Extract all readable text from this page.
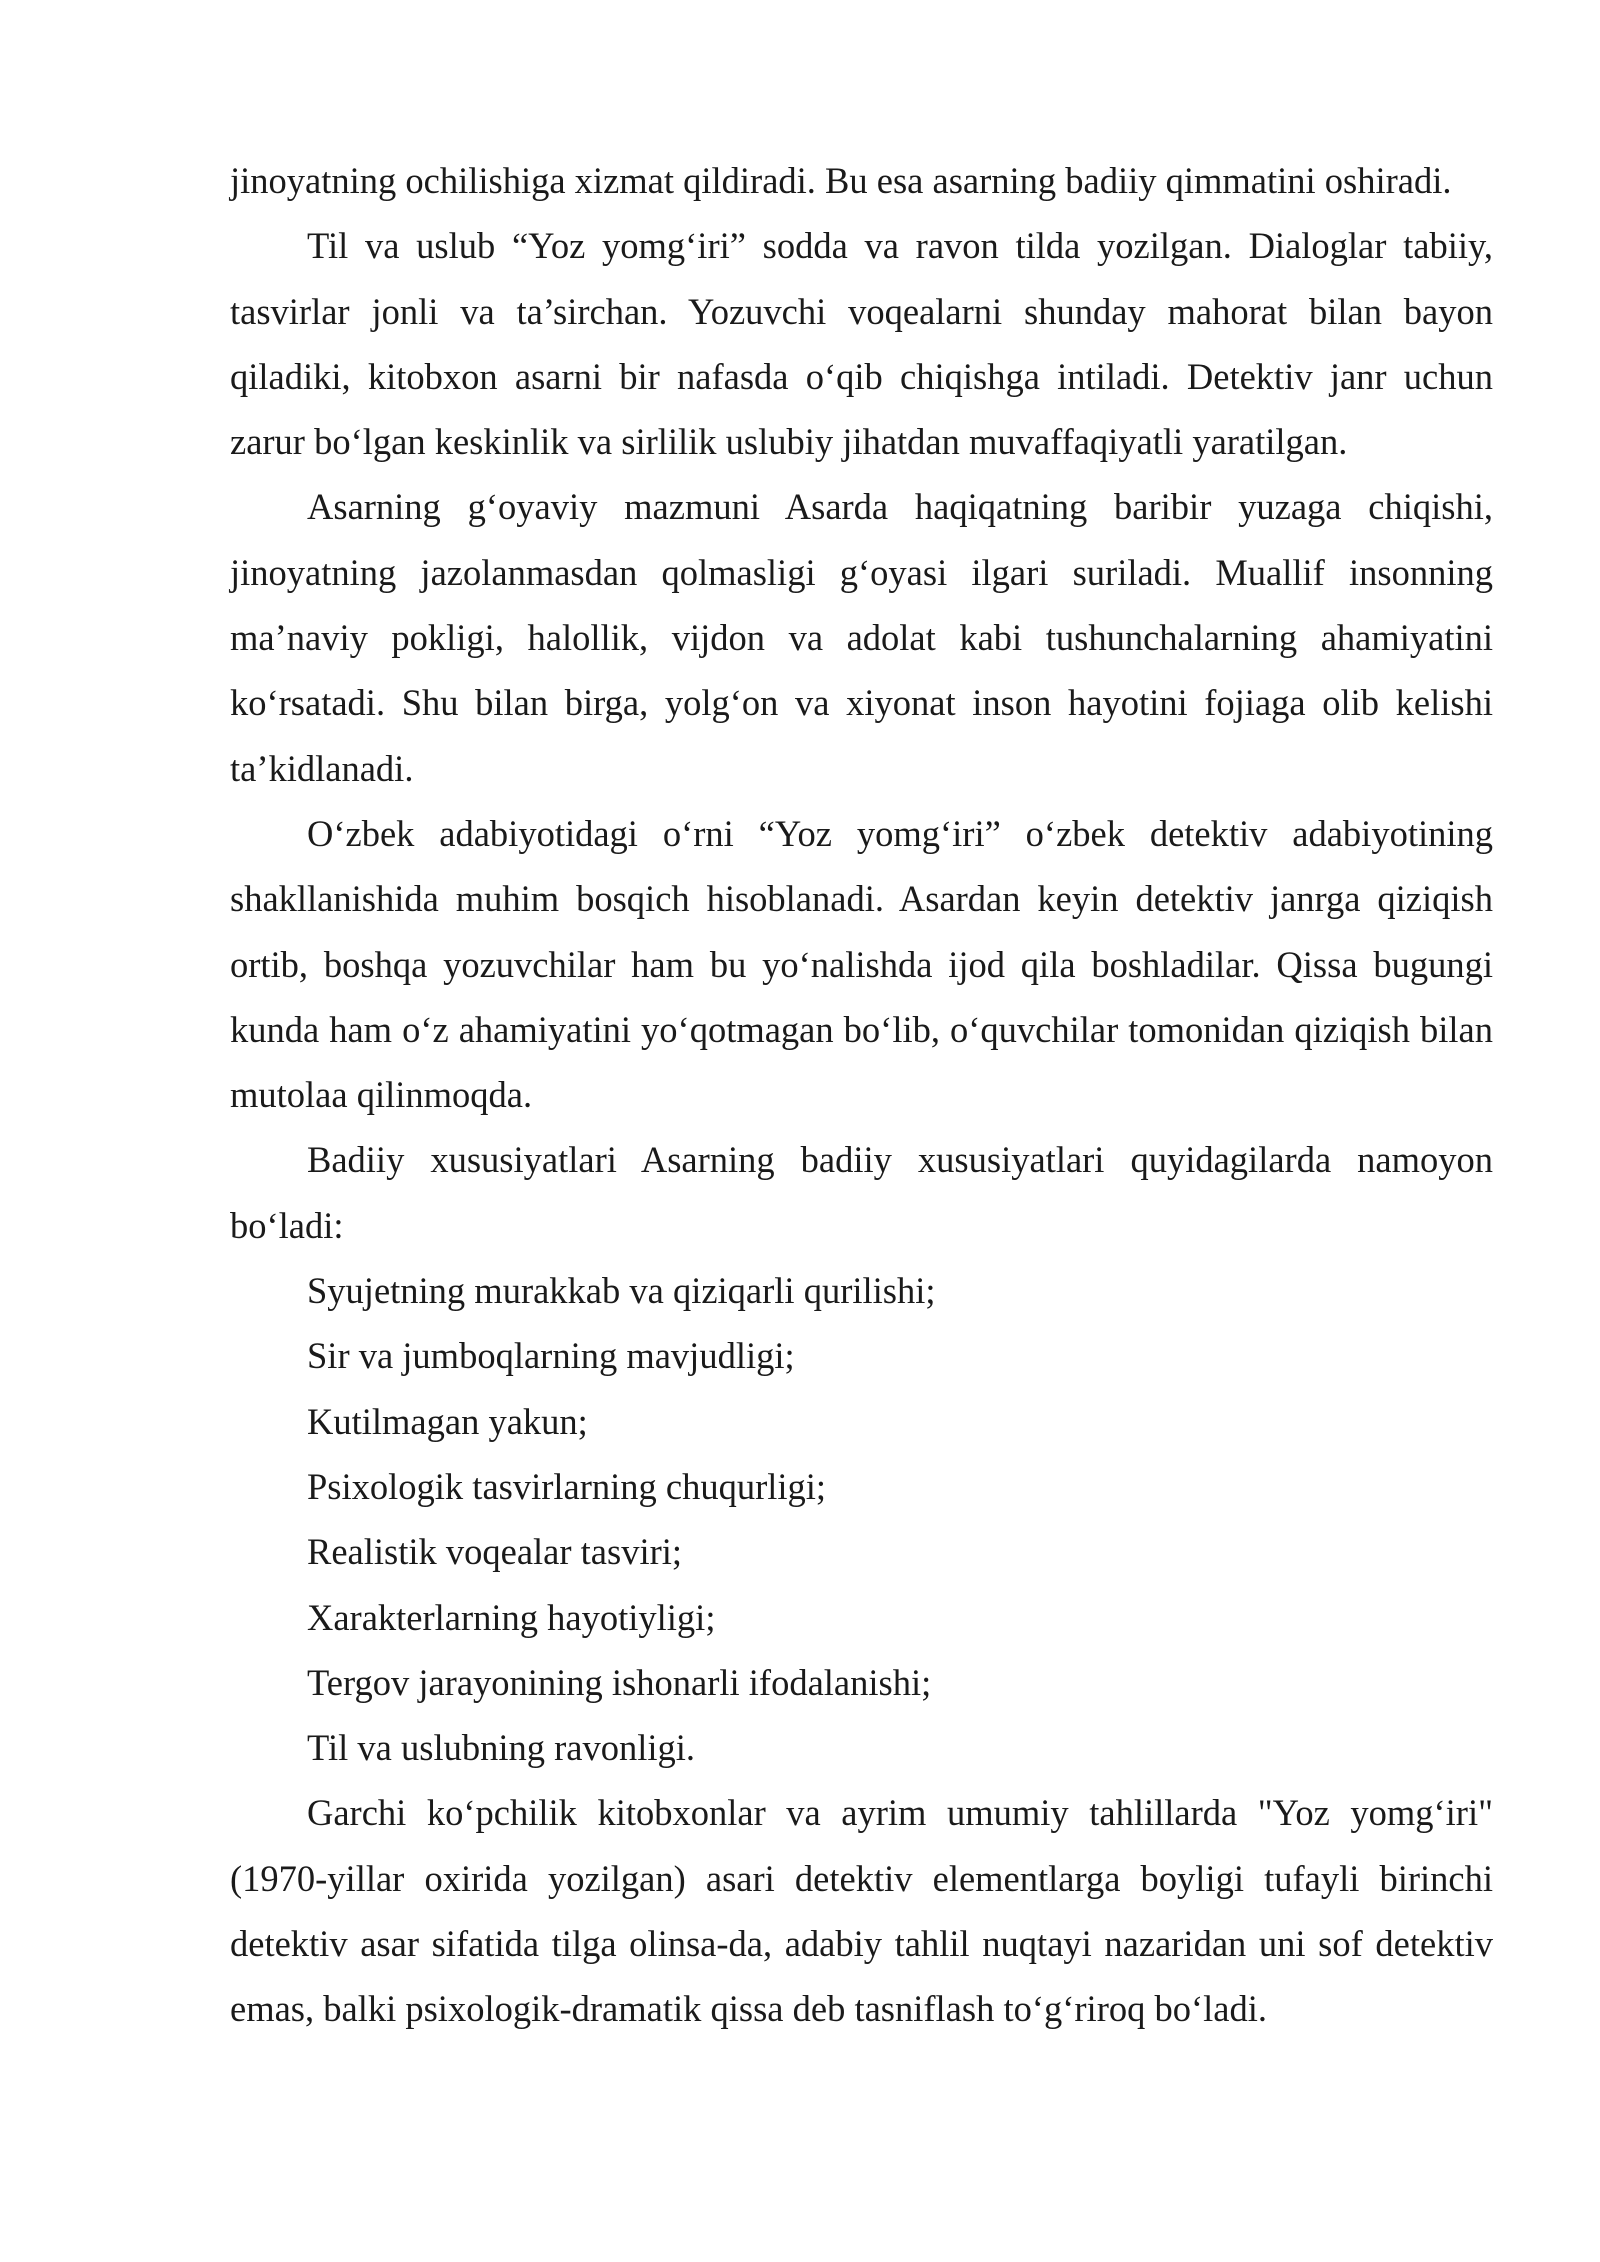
jinoyatning ochilishiga xizmat qildiradi. Bu esa asarning badiiy qimmatini oshiradi.

Til va uslub “Yoz yomg‘iri” sodda va ravon tilda yozilgan. Dialoglar tabiiy, tasvirlar jonli va ta’sirchan. Yozuvchi voqealarni shunday mahorat bilan bayon qiladiki, kitobxon asarni bir nafasda o‘qib chiqishga intiladi. Detektiv janr uchun zarur bo‘lgan keskinlik va sirlilik uslubiy jihatdan muvaffaqiyatli yaratilgan.

Asarning g‘oyaviy mazmuni Asarda haqiqatning baribir yuzaga chiqishi, jinoyatning jazolanmasdan qolmasligi g‘oyasi ilgari suriladi. Muallif insonning ma’naviy pokligi, halollik, vijdon va adolat kabi tushunchalarning ahamiyatini ko‘rsatadi. Shu bilan birga, yolg‘on va xiyonat inson hayotini fojiaga olib kelishi ta’kidlanadi.

O‘zbek adabiyotidagi o‘rni “Yoz yomg‘iri” o‘zbek detektiv adabiyotining shakllanishida muhim bosqich hisoblanadi. Asardan keyin detektiv janrga qiziqish ortib, boshqa yozuvchilar ham bu yo‘nalishda ijod qila boshladilar. Qissa bugungi kunda ham o‘z ahamiyatini yo‘qotmagan bo‘lib, o‘quvchilar tomonidan qiziqish bilan mutolaa qilinmoqda.

Badiiy xususiyatlari Asarning badiiy xususiyatlari quyidagilarda namoyon bo‘ladi:

Syujetning murakkab va qiziqarli qurilishi;
Sir va jumboqlarning mavjudligi;
Kutilmagan yakun;
Psixologik tasvirlarning chuqurligi;
Realistik voqealar tasviri;
Xarakterlarning hayotiyligi;
Tergov jarayonining ishonarli ifodalanishi;
Til va uslubning ravonligi.

Garchi ko‘pchilik kitobxonlar va ayrim umumiy tahlillarda "Yoz yomg‘iri" (1970-yillar oxirida yozilgan) asari detektiv elementlarga boyligi tufayli birinchi detektiv asar sifatida tilga olinsa-da, adabiy tahlil nuqtayi nazaridan uni sof detektiv emas, balki psixologik-dramatik qissa deb tasniflash to‘g‘riroq bo‘ladi.
